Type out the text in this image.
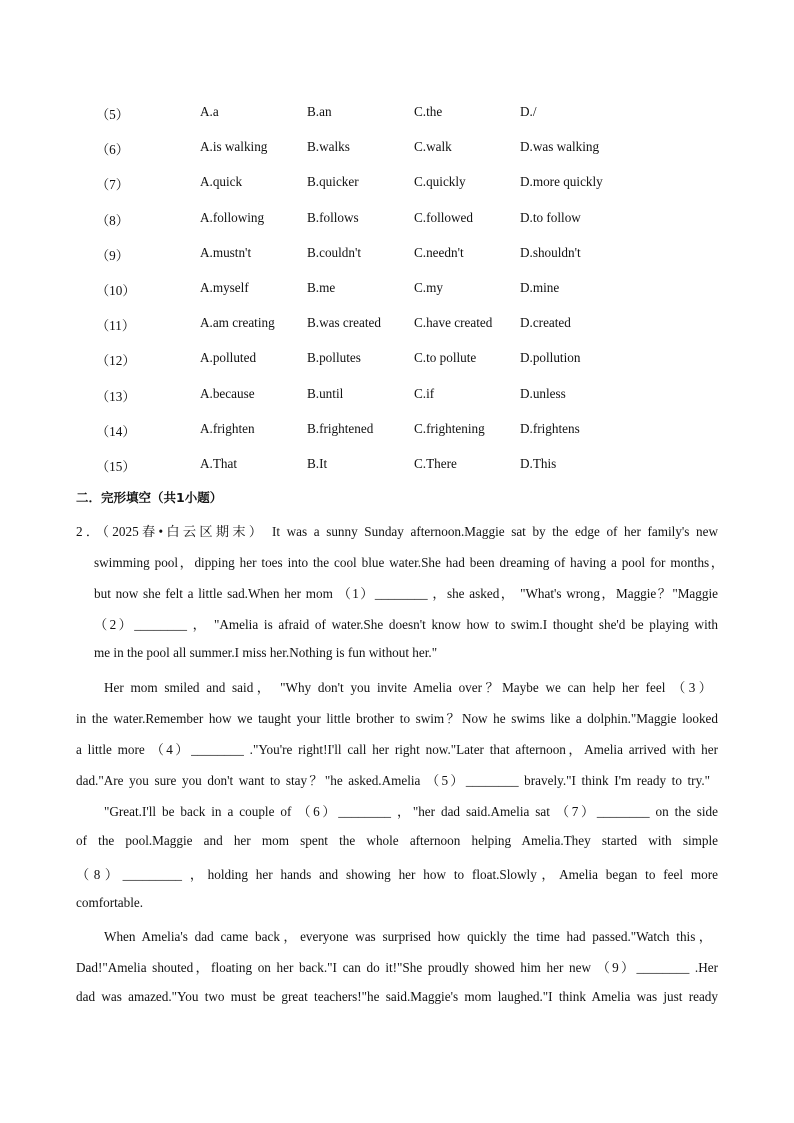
（5）	A.a	B.an	C.the	D./
（6）	A.is walking	B.walks	C.walk	D.was walking
（7）	A.quick	B.quicker	C.quickly	D.more quickly
（8）	A.following	B.follows	C.followed	D.to follow
（9）	A.mustn't	B.couldn't	C.needn't	D.shouldn't
（10）	A.myself	B.me	C.my	D.mine
（11）	A.am creating B.was created	C.have created D.created
（12）	A.polluted	B.pollutes	C.to pollute	D.pollution
（13）	A.because	B.until	C.if	D.unless
（14）	A.frighten	B.frightened	C.frightening	D.frightens
（15）	A.That	B.It	C.There	D.This
二．完形填空（共1小题）
2．（2025春•白云区期末） It was a sunny Sunday afternoon.Maggie sat by the edge of her family's new
swimming pool，dipping her toes into the cool blue water.She had been dreaming of having a pool for months，
but now she felt a little sad.When her mom （1）________ ，she asked， "What's wrong，Maggie？"Maggie
（2）________ ， "Amelia is afraid of water.She doesn't know how to swim.I thought she'd be playing with
me in the pool all summer.I miss her.Nothing is fun without her."
Her mom smiled and said， "Why don't you invite Amelia over？Maybe we can help her feel （3）
in the water.Remember how we taught your little brother to swim？Now he swims like a dolphin."Maggie looked
a little more （4）________ ."You're right!I'll call her right now."Later that afternoon，Amelia arrived with her
dad."Are you sure you don't want to stay？"he asked.Amelia （5）________ bravely."I think I'm ready to try."
"Great.I'll be back in a couple of （6）________ ，"her dad said.Amelia sat （7）________ on the side
of the pool.Maggie and her mom spent the whole afternoon helping Amelia.They started with simple
（8）_________ ，holding her hands and showing her how to float.Slowly，Amelia began to feel more
comfortable.
When Amelia's dad came back，everyone was surprised how quickly the time had passed."Watch this，
Dad!"Amelia shouted，floating on her back."I can do it!"She proudly showed him her new （9）________ .Her
dad was amazed."You two must be great teachers!"he said.Maggie's mom laughed."I think Amelia was just ready
